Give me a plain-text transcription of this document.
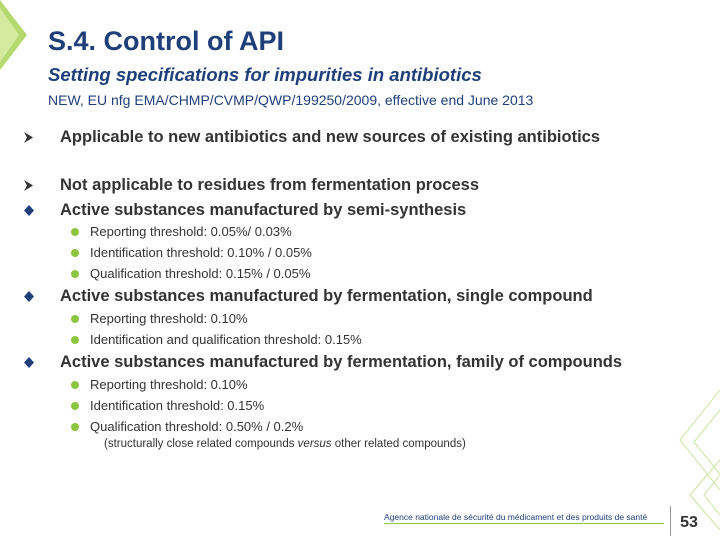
S.4. Control of API
Setting specifications for impurities in antibiotics

NEW, EU nfg EMA/CHMP/CVMP/QWP/199250/2009, effective end June 2013

Applicable to new antibiotics and new sources of existing antibiotics
Not applicable to residues from fermentation process
Active substances manufactured by semi-synthesis
Reporting threshold: 0.05%/ 0.03%
Identification threshold: 0.10% / 0.05%
Qualification threshold: 0.15% / 0.05%
Active substances manufactured by fermentation, single compound
Reporting threshold: 0.10%
Identification and qualification threshold: 0.15%
Active substances manufactured by fermentation, family of compounds
Reporting threshold: 0.10%
Identification threshold: 0.15%
Qualification threshold: 0.50% / 0.2%
(structurally close related compounds versus other related compounds)
Agence nationale de sécurité du médicament et des produits de santé	53
